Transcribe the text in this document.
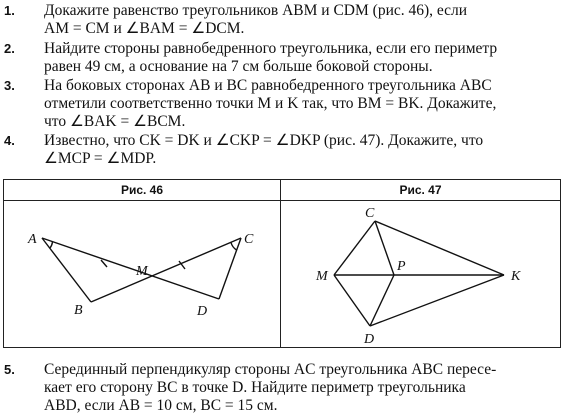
1. Докажите равенство треугольников ABM и CDM (рис. 46), если
AM = CM и ∠BAM = ∠DCM.
2. Найдите стороны равнобедренного треугольника, если его периметр
равен 49 см, а основание на 7 см больше боковой стороны.
3. На боковых сторонах AB и BC равнобедренного треугольника ABC
отметили соответственно точки M и K так, что BM = BK. Докажите,
что ∠BAK = ∠BCM.
4. Известно, что CK = DK и ∠CKP = ∠DKP (рис. 47). Докажите, что
∠MCP = ∠MDP.
Рис. 46	Рис. 47
A
B
C
D
M
C
D
M
P
K
5. Серединный перпендикуляр стороны AC треугольника ABC пересе-
кает его сторону BC в точке D. Найдите периметр треугольника
ABD, если AB = 10 см, BC = 15 см.
